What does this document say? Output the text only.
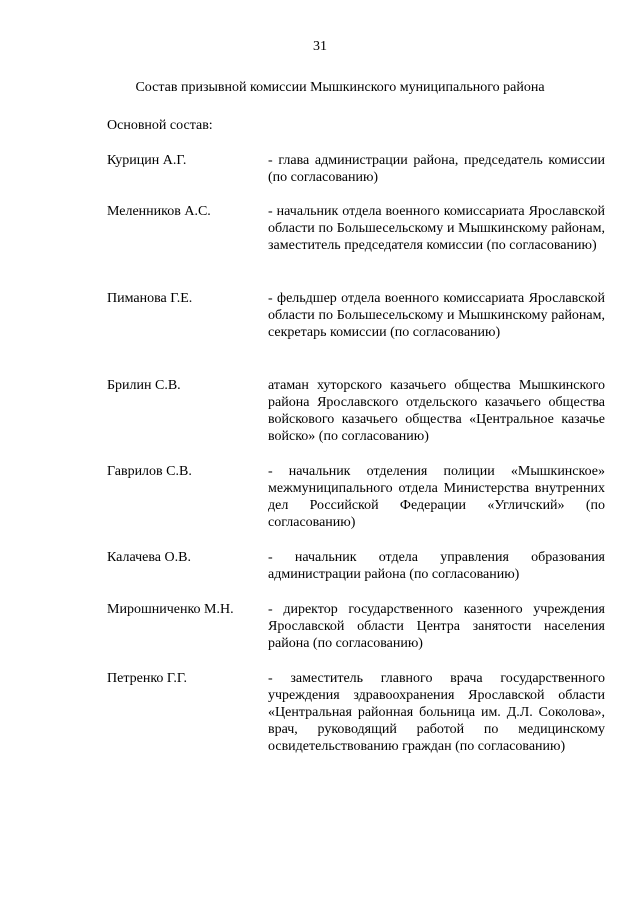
31
Состав призывной комиссии Мышкинского муниципального района
Основной состав:
Курицин А.Г.	- глава администрации района, председатель комиссии (по согласованию)
Меленников А.С.	- начальник отдела военного комиссариата Ярославской области по Большесельскому и Мышкинскому районам, заместитель председателя комиссии (по согласованию)
Пиманова Г.Е.	- фельдшер отдела военного комиссариата Ярославской области по Большесельскому и Мышкинскому районам, секретарь комиссии (по согласованию)
Брилин С.В.	атаман хуторского казачьего общества Мышкинского района Ярославского отдельского казачьего общества войскового казачьего общества «Центральное казачье войско» (по согласованию)
Гаврилов С.В.	- начальник отделения полиции «Мышкинское» межмуниципального отдела Министерства внутренних дел Российской Федерации «Угличский» (по согласованию)
Калачева О.В.	- начальник отдела управления образования администрации района (по согласованию)
Мирошниченко М.Н.	- директор государственного казенного учреждения Ярославской области Центра занятости населения района (по согласованию)
Петренко Г.Г.	- заместитель главного врача государственного учреждения здравоохранения Ярославской области «Центральная районная больница им. Д.Л. Соколова», врач, руководящий работой по медицинскому освидетельствованию граждан (по согласованию)
